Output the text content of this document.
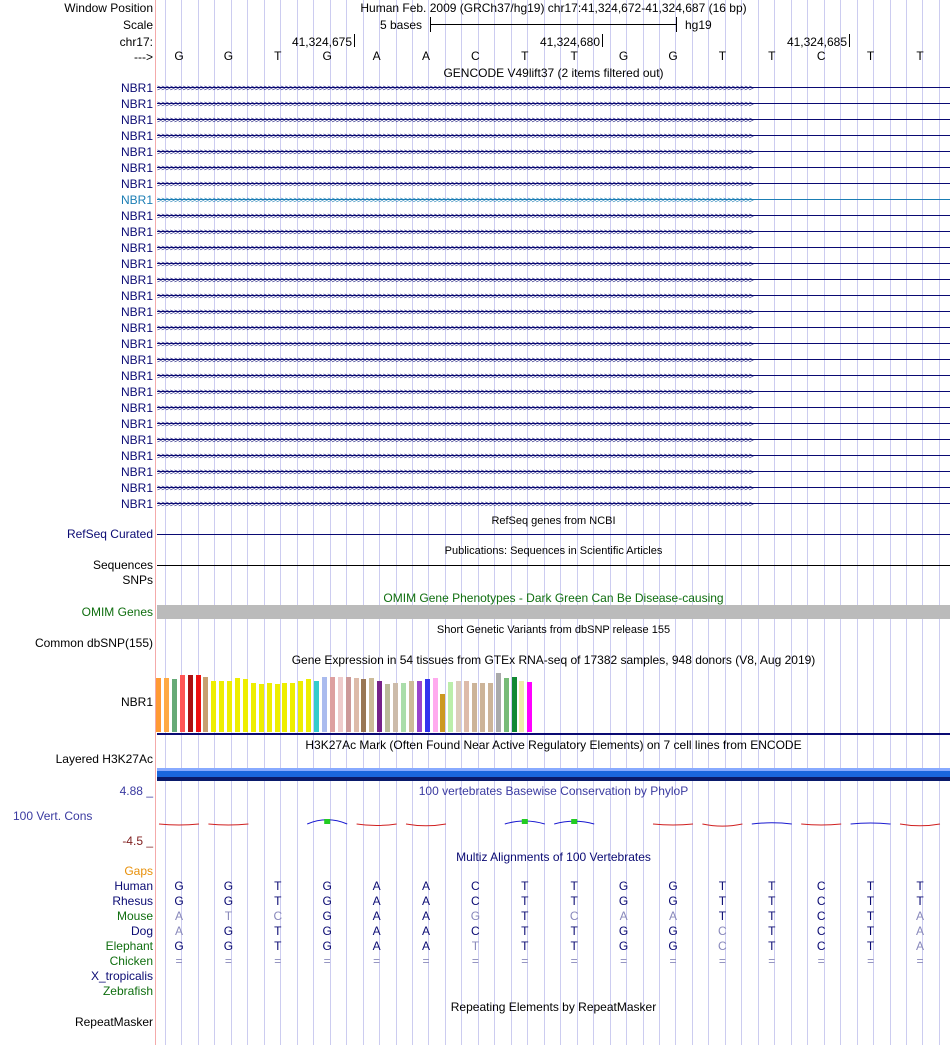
Window Position	Human Feb. 2009 (GRCh37/hg19) chr17:41,324,672-41,324,687 (16 bp)
Scale	5 bases	hg19
chr17:	41,324,675	41,324,680	41,324,685
---> G	G	T	G	A	A	C	T	T	G	G	T	T	C	T	T
GENCODE V49lift37 (2 items filtered out)
NBR1
NBR1
NBR1
NBR1
NBR1
NBR1
NBR1
NBR1
NBR1
NBR1
NBR1
NBR1
NBR1
NBR1
NBR1
NBR1
NBR1
NBR1
NBR1
NBR1
NBR1
NBR1
NBR1
NBR1
NBR1
NBR1
NBR1
>>>>>>>>>>>>>>>>>>>>>>>>>>>>>>>>>>>>>>>>>>>>>>>>>>>>>>>>>>>>>>>>>>>>>>>>>>>>>>>>>>>>>>>>>>>>>>>>>>>>>>>>>>>>>>>>>>>>>>>>>>>>>>>>>>>>>>>>>>>>
>>>>>>>>>>>>>>>>>>>>>>>>>>>>>>>>>>>>>>>>>>>>>>>>>>>>>>>>>>>>>>>>>>>>>>>>>>>>>>>>>>>>>>>>>>>>>>>>>>>>>>>>>>>>>>>>>>>>>>>>>>>>>>>>>>>>>>>>>>>>
>>>>>>>>>>>>>>>>>>>>>>>>>>>>>>>>>>>>>>>>>>>>>>>>>>>>>>>>>>>>>>>>>>>>>>>>>>>>>>>>>>>>>>>>>>>>>>>>>>>>>>>>>>>>>>>>>>>>>>>>>>>>>>>>>>>>>>>>>>>>
>>>>>>>>>>>>>>>>>>>>>>>>>>>>>>>>>>>>>>>>>>>>>>>>>>>>>>>>>>>>>>>>>>>>>>>>>>>>>>>>>>>>>>>>>>>>>>>>>>>>>>>>>>>>>>>>>>>>>>>>>>>>>>>>>>>>>>>>>>>>
>>>>>>>>>>>>>>>>>>>>>>>>>>>>>>>>>>>>>>>>>>>>>>>>>>>>>>>>>>>>>>>>>>>>>>>>>>>>>>>>>>>>>>>>>>>>>>>>>>>>>>>>>>>>>>>>>>>>>>>>>>>>>>>>>>>>>>>>>>>>
>>>>>>>>>>>>>>>>>>>>>>>>>>>>>>>>>>>>>>>>>>>>>>>>>>>>>>>>>>>>>>>>>>>>>>>>>>>>>>>>>>>>>>>>>>>>>>>>>>>>>>>>>>>>>>>>>>>>>>>>>>>>>>>>>>>>>>>>>>>>
>>>>>>>>>>>>>>>>>>>>>>>>>>>>>>>>>>>>>>>>>>>>>>>>>>>>>>>>>>>>>>>>>>>>>>>>>>>>>>>>>>>>>>>>>>>>>>>>>>>>>>>>>>>>>>>>>>>>>>>>>>>>>>>>>>>>>>>>>>>>
>>>>>>>>>>>>>>>>>>>>>>>>>>>>>>>>>>>>>>>>>>>>>>>>>>>>>>>>>>>>>>>>>>>>>>>>>>>>>>>>>>>>>>>>>>>>>>>>>>>>>>>>>>>>>>>>>>>>>>>>>>>>>>>>>>>>>>>>>>>>
>>>>>>>>>>>>>>>>>>>>>>>>>>>>>>>>>>>>>>>>>>>>>>>>>>>>>>>>>>>>>>>>>>>>>>>>>>>>>>>>>>>>>>>>>>>>>>>>>>>>>>>>>>>>>>>>>>>>>>>>>>>>>>>>>>>>>>>>>>>>
>>>>>>>>>>>>>>>>>>>>>>>>>>>>>>>>>>>>>>>>>>>>>>>>>>>>>>>>>>>>>>>>>>>>>>>>>>>>>>>>>>>>>>>>>>>>>>>>>>>>>>>>>>>>>>>>>>>>>>>>>>>>>>>>>>>>>>>>>>>>
>>>>>>>>>>>>>>>>>>>>>>>>>>>>>>>>>>>>>>>>>>>>>>>>>>>>>>>>>>>>>>>>>>>>>>>>>>>>>>>>>>>>>>>>>>>>>>>>>>>>>>>>>>>>>>>>>>>>>>>>>>>>>>>>>>>>>>>>>>>>
>>>>>>>>>>>>>>>>>>>>>>>>>>>>>>>>>>>>>>>>>>>>>>>>>>>>>>>>>>>>>>>>>>>>>>>>>>>>>>>>>>>>>>>>>>>>>>>>>>>>>>>>>>>>>>>>>>>>>>>>>>>>>>>>>>>>>>>>>>>>
>>>>>>>>>>>>>>>>>>>>>>>>>>>>>>>>>>>>>>>>>>>>>>>>>>>>>>>>>>>>>>>>>>>>>>>>>>>>>>>>>>>>>>>>>>>>>>>>>>>>>>>>>>>>>>>>>>>>>>>>>>>>>>>>>>>>>>>>>>>>
>>>>>>>>>>>>>>>>>>>>>>>>>>>>>>>>>>>>>>>>>>>>>>>>>>>>>>>>>>>>>>>>>>>>>>>>>>>>>>>>>>>>>>>>>>>>>>>>>>>>>>>>>>>>>>>>>>>>>>>>>>>>>>>>>>>>>>>>>>>>
>>>>>>>>>>>>>>>>>>>>>>>>>>>>>>>>>>>>>>>>>>>>>>>>>>>>>>>>>>>>>>>>>>>>>>>>>>>>>>>>>>>>>>>>>>>>>>>>>>>>>>>>>>>>>>>>>>>>>>>>>>>>>>>>>>>>>>>>>>>>
>>>>>>>>>>>>>>>>>>>>>>>>>>>>>>>>>>>>>>>>>>>>>>>>>>>>>>>>>>>>>>>>>>>>>>>>>>>>>>>>>>>>>>>>>>>>>>>>>>>>>>>>>>>>>>>>>>>>>>>>>>>>>>>>>>>>>>>>>>>>
>>>>>>>>>>>>>>>>>>>>>>>>>>>>>>>>>>>>>>>>>>>>>>>>>>>>>>>>>>>>>>>>>>>>>>>>>>>>>>>>>>>>>>>>>>>>>>>>>>>>>>>>>>>>>>>>>>>>>>>>>>>>>>>>>>>>>>>>>>>>
>>>>>>>>>>>>>>>>>>>>>>>>>>>>>>>>>>>>>>>>>>>>>>>>>>>>>>>>>>>>>>>>>>>>>>>>>>>>>>>>>>>>>>>>>>>>>>>>>>>>>>>>>>>>>>>>>>>>>>>>>>>>>>>>>>>>>>>>>>>>
>>>>>>>>>>>>>>>>>>>>>>>>>>>>>>>>>>>>>>>>>>>>>>>>>>>>>>>>>>>>>>>>>>>>>>>>>>>>>>>>>>>>>>>>>>>>>>>>>>>>>>>>>>>>>>>>>>>>>>>>>>>>>>>>>>>>>>>>>>>>
>>>>>>>>>>>>>>>>>>>>>>>>>>>>>>>>>>>>>>>>>>>>>>>>>>>>>>>>>>>>>>>>>>>>>>>>>>>>>>>>>>>>>>>>>>>>>>>>>>>>>>>>>>>>>>>>>>>>>>>>>>>>>>>>>>>>>>>>>>>>
>>>>>>>>>>>>>>>>>>>>>>>>>>>>>>>>>>>>>>>>>>>>>>>>>>>>>>>>>>>>>>>>>>>>>>>>>>>>>>>>>>>>>>>>>>>>>>>>>>>>>>>>>>>>>>>>>>>>>>>>>>>>>>>>>>>>>>>>>>>>
>>>>>>>>>>>>>>>>>>>>>>>>>>>>>>>>>>>>>>>>>>>>>>>>>>>>>>>>>>>>>>>>>>>>>>>>>>>>>>>>>>>>>>>>>>>>>>>>>>>>>>>>>>>>>>>>>>>>>>>>>>>>>>>>>>>>>>>>>>>>
>>>>>>>>>>>>>>>>>>>>>>>>>>>>>>>>>>>>>>>>>>>>>>>>>>>>>>>>>>>>>>>>>>>>>>>>>>>>>>>>>>>>>>>>>>>>>>>>>>>>>>>>>>>>>>>>>>>>>>>>>>>>>>>>>>>>>>>>>>>>
>>>>>>>>>>>>>>>>>>>>>>>>>>>>>>>>>>>>>>>>>>>>>>>>>>>>>>>>>>>>>>>>>>>>>>>>>>>>>>>>>>>>>>>>>>>>>>>>>>>>>>>>>>>>>>>>>>>>>>>>>>>>>>>>>>>>>>>>>>>>
>>>>>>>>>>>>>>>>>>>>>>>>>>>>>>>>>>>>>>>>>>>>>>>>>>>>>>>>>>>>>>>>>>>>>>>>>>>>>>>>>>>>>>>>>>>>>>>>>>>>>>>>>>>>>>>>>>>>>>>>>>>>>>>>>>>>>>>>>>>>
>>>>>>>>>>>>>>>>>>>>>>>>>>>>>>>>>>>>>>>>>>>>>>>>>>>>>>>>>>>>>>>>>>>>>>>>>>>>>>>>>>>>>>>>>>>>>>>>>>>>>>>>>>>>>>>>>>>>>>>>>>>>>>>>>>>>>>>>>>>>
>>>>>>>>>>>>>>>>>>>>>>>>>>>>>>>>>>>>>>>>>>>>>>>>>>>>>>>>>>>>>>>>>>>>>>>>>>>>>>>>>>>>>>>>>>>>>>>>>>>>>>>>>>>>>>>>>>>>>>>>>>>>>>>>>>>>>>>>>>>>
RefSeq genes from NCBI
RefSeq Curated
Publications: Sequences in Scientific Articles
Sequences
SNPs
OMIM Gene Phenotypes - Dark Green Can Be Disease-causing
OMIM Genes
Short Genetic Variants from dbSNP release 155
Common dbSNP(155)
Gene Expression in 54 tissues from GTEx RNA-seq of 17382 samples, 948 donors (V8, Aug 2019)
NBR1
H3K27Ac Mark (Often Found Near Active Regulatory Elements) on 7 cell lines from ENCODE
Layered H3K27Ac
100 vertebrates Basewise Conservation by PhyloP
4.88 _
100 Vert. Cons
-4.5 _
Multiz Alignments of 100 Vertebrates
Gaps
Human G	G	T	G	A	A	C	T	T	G	G	T	T	C	T	T
Rhesus G	G	T	G	A	A	C	T	T	G	G	T	T	C	T	T
Mouse A	T	C	G	A	A	G	T	C	A	A	T	T	C	T	A
Dog A	G	T	G	A	A	C	T	T	G	G	C	T	C	T	A
Elephant G	G	T	G	A	A	T	T	T	G	G	C	T	C	T	A
Chicken =	=	=	=	=	=	=	=	=	=	=	=	=	=	=	=
X_tropicalis
Zebrafish
Repeating Elements by RepeatMasker
RepeatMasker
